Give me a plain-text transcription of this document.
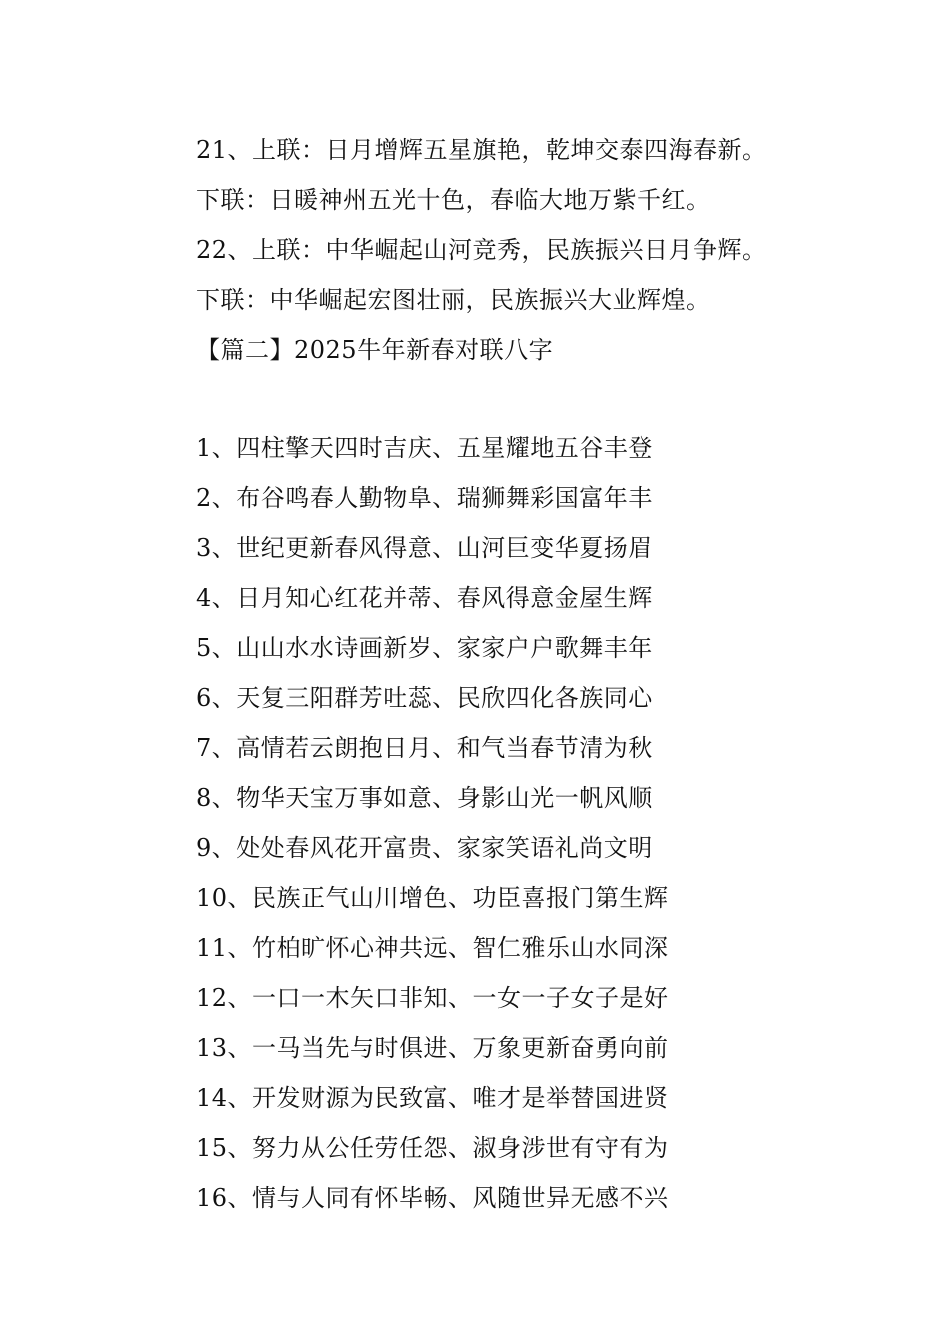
21、上联：日月增辉五星旗艳，乾坤交泰四海春新。
下联：日暖神州五光十色，春临大地万紫千红。
22、上联：中华崛起山河竞秀，民族振兴日月争辉。
下联：中华崛起宏图壮丽，民族振兴大业辉煌。
【篇二】2025牛年新春对联八字
1、四柱擎天四时吉庆、五星耀地五谷丰登
2、布谷鸣春人勤物阜、瑞狮舞彩国富年丰
3、世纪更新春风得意、山河巨变华夏扬眉
4、日月知心红花并蒂、春风得意金屋生辉
5、山山水水诗画新岁、家家户户歌舞丰年
6、天复三阳群芳吐蕊、民欣四化各族同心
7、高情若云朗抱日月、和气当春节清为秋
8、物华天宝万事如意、身影山光一帆风顺
9、处处春风花开富贵、家家笑语礼尚文明
10、民族正气山川增色、功臣喜报门第生辉
11、竹柏旷怀心神共远、智仁雅乐山水同深
12、一口一木矢口非知、一女一子女子是好
13、一马当先与时俱进、万象更新奋勇向前
14、开发财源为民致富、唯才是举替国进贤
15、努力从公任劳任怨、淑身涉世有守有为
16、情与人同有怀毕畅、风随世异无感不兴
